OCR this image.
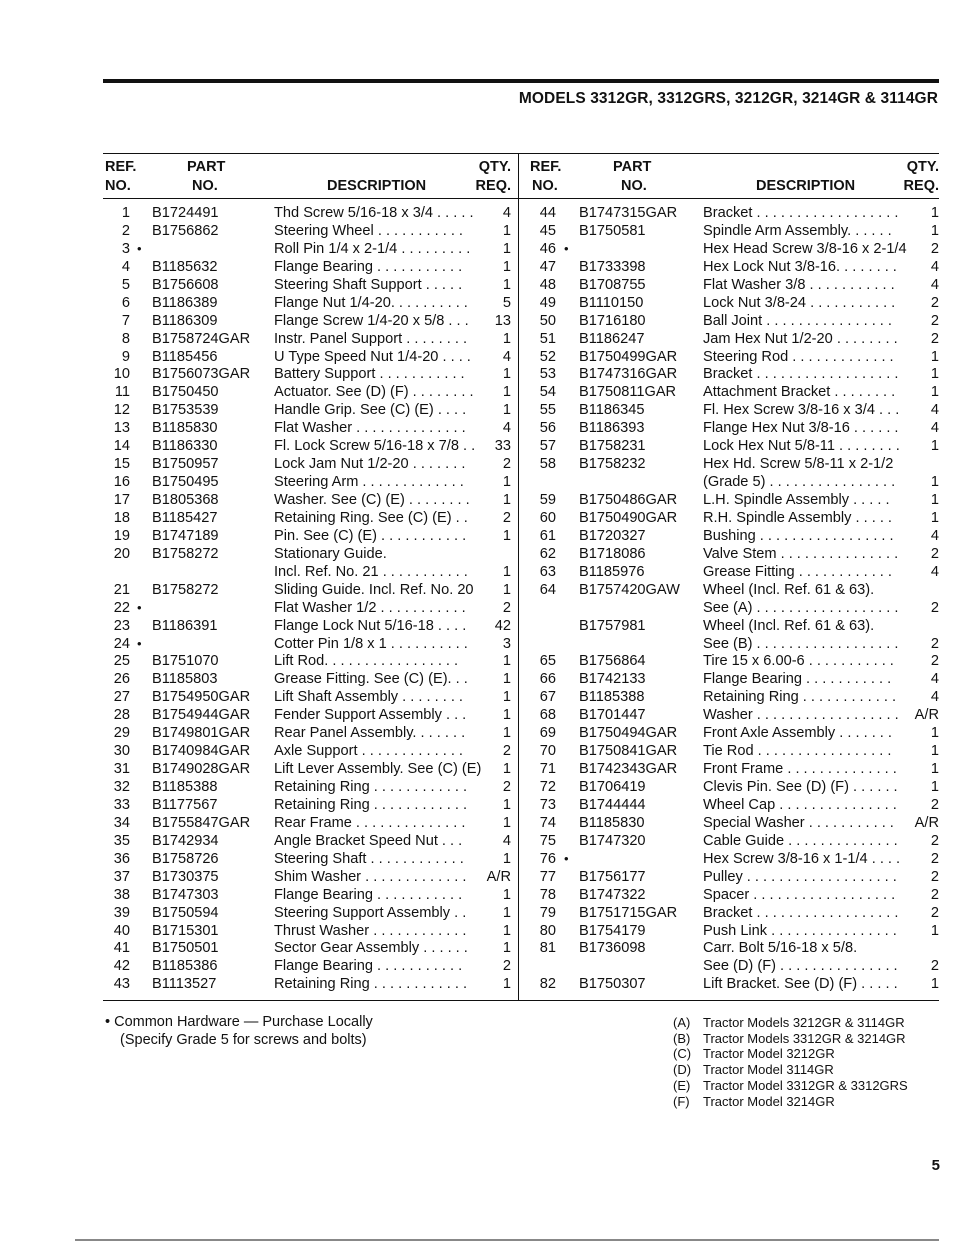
MODELS 3312GR, 3312GRS, 3212GR, 3214GR & 3114GR
REF.
NO.
PART
NO.	DESCRIPTION
QTY.
REQ.
1 B1724491	Thd Screw 5/16-18 x 3/4 . . . . .	4
2 B1756862	Steering Wheel . . . . . . . . . . .	1
3 •	Roll Pin 1/4 x 2-1/4 . . . . . . . . .	1
4 B1185632	Flange Bearing . . . . . . . . . . .	1
5 B1756608	Steering Shaft Support . . . . .	1
6 B1186389	Flange Nut 1/4-20. . . . . . . . . .	5
7 B1186309	Flange Screw 1/4-20 x 5/8 . . .	13
8 B1758724GAR Instr. Panel Support . . . . . . . .	1
9 B1185456	U Type Speed Nut 1/4-20 . . . .	4
10 B1756073GAR Battery Support . . . . . . . . . . .	1
11 B1750450	Actuator. See (D) (F) . . . . . . . .	1
12 B1753539	Handle Grip. See (C) (E) . . . .	1
13 B1185830	Flat Washer . . . . . . . . . . . . . .	4
14 B1186330	Fl. Lock Screw 5/16-18 x 7/8 . .	33
15 B1750957	Lock Jam Nut 1/2-20 . . . . . . .	2
16 B1750495	Steering Arm . . . . . . . . . . . . .	1
17 B1805368	Washer. See (C) (E) . . . . . . . .	1
18 B1185427	Retaining Ring. See (C) (E) . .	2
19 B1747189	Pin. See (C) (E) . . . . . . . . . . .	1
20 B1758272	Stationary Guide.
Incl. Ref. No. 21 . . . . . . . . . . .	1
21 B1758272	Sliding Guide. Incl. Ref. No. 20	1
22 •	Flat Washer 1/2 . . . . . . . . . . .	2
23 B1186391	Flange Lock Nut 5/16-18 . . . .	42
24 •	Cotter Pin 1/8 x 1 . . . . . . . . . .	3
25 B1751070	Lift Rod. . . . . . . . . . . . . . . . .	1
26 B1185803	Grease Fitting. See (C) (E). . .	1
27 B1754950GAR Lift Shaft Assembly . . . . . . . .	1
28 B1754944GAR Fender Support Assembly . . .	1
29 B1749801GAR Rear Panel Assembly. . . . . . .	1
30 B1740984GAR Axle Support . . . . . . . . . . . . .	2
31 B1749028GAR Lift Lever Assembly. See (C) (E)	1
32 B1185388	Retaining Ring . . . . . . . . . . . .	2
33 B1177567	Retaining Ring . . . . . . . . . . . .	1
34 B1755847GAR Rear Frame . . . . . . . . . . . . . .	1
35 B1742934	Angle Bracket Speed Nut . . .	4
36 B1758726	Steering Shaft . . . . . . . . . . . .	1
37 B1730375	Shim Washer . . . . . . . . . . . . .	A/R
38 B1747303	Flange Bearing . . . . . . . . . . .	1
39 B1750594	Steering Support Assembly . .	1
40 B1715301	Thrust Washer . . . . . . . . . . . .	1
41 B1750501	Sector Gear Assembly . . . . . .	1
42 B1185386	Flange Bearing . . . . . . . . . . .	2
43 B1113527	Retaining Ring . . . . . . . . . . . .	1
REF.
NO.
PART
NO.	DESCRIPTION
QTY.
REQ.
44 B1747315GAR Bracket . . . . . . . . . . . . . . . . . .	1
45 B1750581	Spindle Arm Assembly. . . . . .	1
46 •	Hex Head Screw 3/8-16 x 2-1/4	2
47 B1733398	Hex Lock Nut 3/8-16. . . . . . . .	4
48 B1708755	Flat Washer 3/8 . . . . . . . . . . .	4
49 B1110150	Lock Nut 3/8-24 . . . . . . . . . . .	2
50 B1716180	Ball Joint . . . . . . . . . . . . . . . .	2
51 B1186247	Jam Hex Nut 1/2-20 . . . . . . . .	2
52 B1750499GAR Steering Rod . . . . . . . . . . . . .	1
53 B1747316GAR Bracket . . . . . . . . . . . . . . . . . .	1
54 B1750811GAR Attachment Bracket . . . . . . . .	1
55 B1186345	Fl. Hex Screw 3/8-16 x 3/4 . . .	4
56 B1186393	Flange Hex Nut 3/8-16 . . . . . .	4
57 B1758231	Lock Hex Nut 5/8-11 . . . . . . . .	1
58 B1758232	Hex Hd. Screw 5/8-11 x 2-1/2
(Grade 5) . . . . . . . . . . . . . . . .	1
59 B1750486GAR L.H. Spindle Assembly . . . . .	1
60 B1750490GAR R.H. Spindle Assembly . . . . .	1
61 B1720327	Bushing . . . . . . . . . . . . . . . . .	4
62 B1718086	Valve Stem . . . . . . . . . . . . . . .	2
63 B1185976	Grease Fitting . . . . . . . . . . . .	4
64 B1757420GAW Wheel (Incl. Ref. 61 & 63).
See (A) . . . . . . . . . . . . . . . . . .	2
B1757981	Wheel (Incl. Ref. 61 & 63).
See (B) . . . . . . . . . . . . . . . . . .	2
65 B1756864	Tire 15 x 6.00-6 . . . . . . . . . . .	2
66 B1742133	Flange Bearing . . . . . . . . . . .	4
67 B1185388	Retaining Ring . . . . . . . . . . . .	4
68 B1701447	Washer . . . . . . . . . . . . . . . . . .	A/R
69 B1750494GAR Front Axle Assembly . . . . . . .	1
70 B1750841GAR Tie Rod . . . . . . . . . . . . . . . . .	1
71 B1742343GAR Front Frame . . . . . . . . . . . . . .	1
72 B1706419	Clevis Pin. See (D) (F) . . . . . .	1
73 B1744444	Wheel Cap . . . . . . . . . . . . . . .	2
74 B1185830	Special Washer . . . . . . . . . . .	A/R
75 B1747320	Cable Guide . . . . . . . . . . . . . .	2
76 •	Hex Screw 3/8-16 x 1-1/4 . . . .	2
77 B1756177	Pulley . . . . . . . . . . . . . . . . . . .	2
78 B1747322	Spacer . . . . . . . . . . . . . . . . . .	2
79 B1751715GAR Bracket . . . . . . . . . . . . . . . . . .	2
80 B1754179	Push Link . . . . . . . . . . . . . . . .	1
81 B1736098	Carr. Bolt 5/16-18 x 5/8.
See (D) (F) . . . . . . . . . . . . . . .	2
82 B1750307	Lift Bracket. See (D) (F) . . . . .	1
• Common Hardware — Purchase Locally
(Specify Grade 5 for screws and bolts)
(A) Tractor Models 3212GR & 3114GR
(B) Tractor Models 3312GR & 3214GR
(C) Tractor Model 3212GR
(D) Tractor Model 3114GR
(E) Tractor Model 3312GR & 3312GRS
(F) Tractor Model 3214GR
5
